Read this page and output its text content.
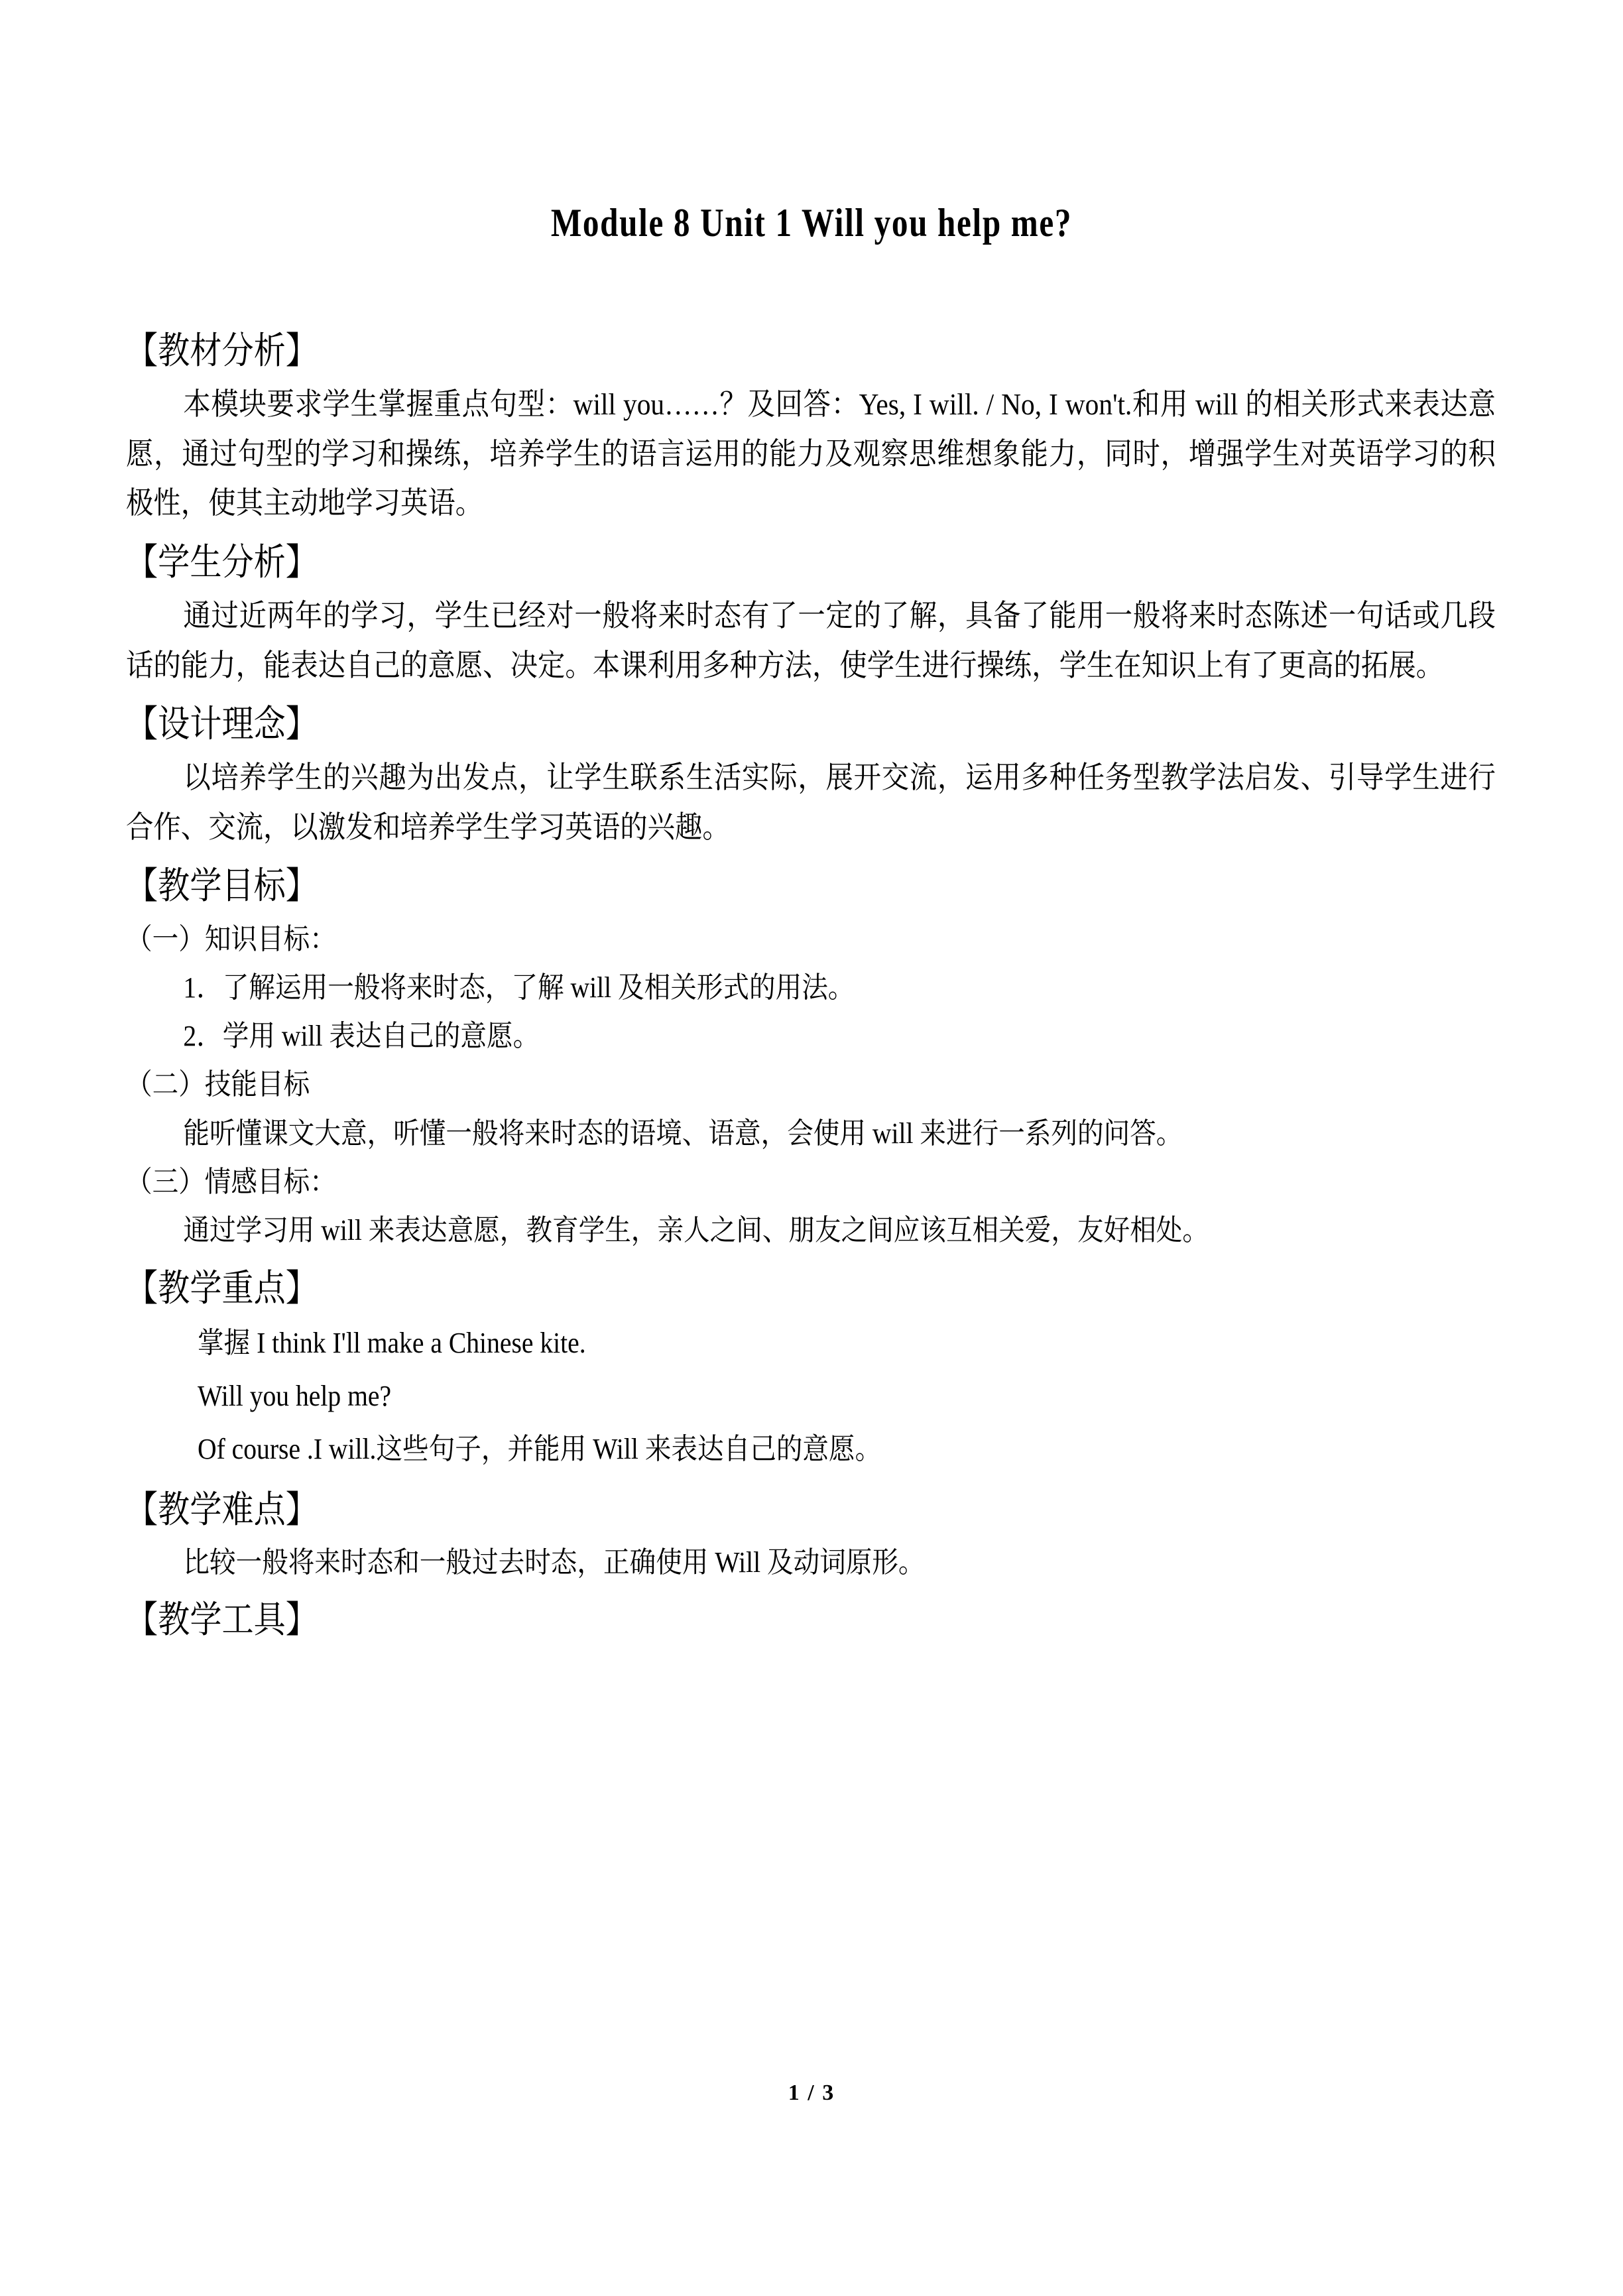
Module 8 Unit 1 Will you help me?
【教材分析】
本模块要求学生掌握重点句型：will you……？及回答：Yes, I will. / No, I won't.和用 will 的相关形式来表达意愿，通过句型的学习和操练，培养学生的语言运用的能力及观察思维想象能力，同时，增强学生对英语学习的积极性，使其主动地学习英语。
【学生分析】
通过近两年的学习，学生已经对一般将来时态有了一定的了解，具备了能用一般将来时态陈述一句话或几段话的能力，能表达自己的意愿、决定。本课利用多种方法，使学生进行操练，学生在知识上有了更高的拓展。
【设计理念】
以培养学生的兴趣为出发点，让学生联系生活实际，展开交流，运用多种任务型教学法启发、引导学生进行合作、交流，以激发和培养学生学习英语的兴趣。
【教学目标】
（一）知识目标：
1．了解运用一般将来时态，了解 will 及相关形式的用法。
2．学用 will 表达自己的意愿。
（二）技能目标
能听懂课文大意，听懂一般将来时态的语境、语意，会使用 will 来进行一系列的问答。
（三）情感目标：
通过学习用 will 来表达意愿，教育学生，亲人之间、朋友之间应该互相关爱，友好相处。
【教学重点】
掌握 I think I'll make a Chinese kite.
Will you help me?
Of course .I will.这些句子，并能用 Will 来表达自己的意愿。
【教学难点】
比较一般将来时态和一般过去时态，正确使用 Will 及动词原形。
【教学工具】
1 / 3
